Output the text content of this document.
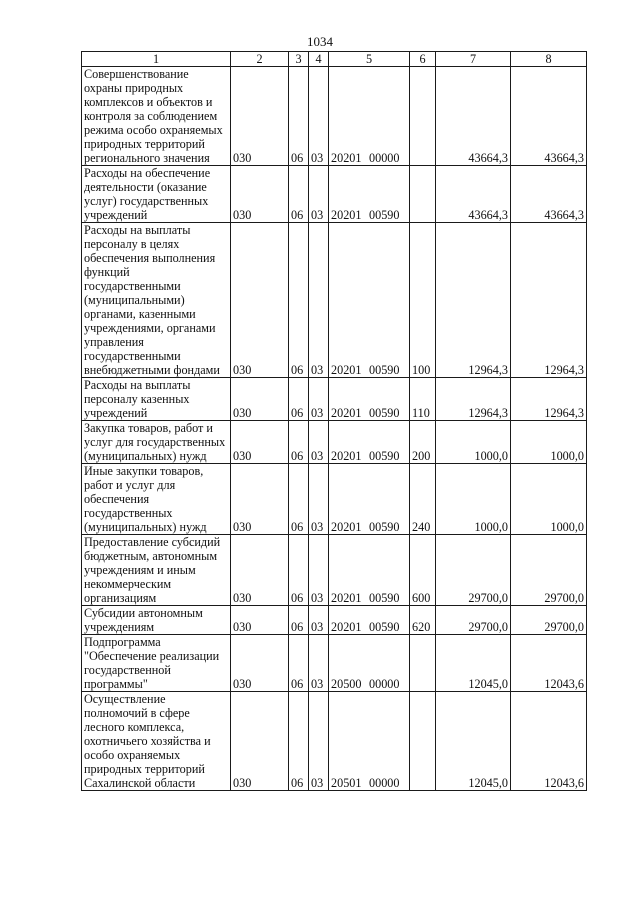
1034
1	2	3	4	5	6	7	8
Совершенствование охраны природных комплексов и объектов и контроля за соблюдением режима особо охраняемых природных территорий регионального значения	030	06	03	20201 00000		43664,3	43664,3
Расходы на обеспечение деятельности (оказание услуг) государственных учреждений	030	06	03	20201 00590		43664,3	43664,3
Расходы на выплаты персоналу в целях обеспечения выполнения функций государственными (муниципальными) органами, казенными учреждениями, органами управления государственными внебюджетными фондами	030	06	03	20201 00590	100	12964,3	12964,3
Расходы на выплаты персоналу казенных учреждений	030	06	03	20201 00590	110	12964,3	12964,3
Закупка товаров, работ и услуг для государственных (муниципальных) нужд	030	06	03	20201 00590	200	1000,0	1000,0
Иные закупки товаров, работ и услуг для обеспечения государственных (муниципальных) нужд	030	06	03	20201 00590	240	1000,0	1000,0
Предоставление субсидий бюджетным, автономным учреждениям и иным некоммерческим организациям	030	06	03	20201 00590	600	29700,0	29700,0
Субсидии автономным учреждениям	030	06	03	20201 00590	620	29700,0	29700,0
Подпрограмма "Обеспечение реализации государственной программы"	030	06	03	20500 00000		12045,0	12043,6
Осуществление полномочий в сфере лесного комплекса, охотничьего хозяйства и особо охраняемых природных территорий Сахалинской области	030	06	03	20501 00000		12045,0	12043,6
